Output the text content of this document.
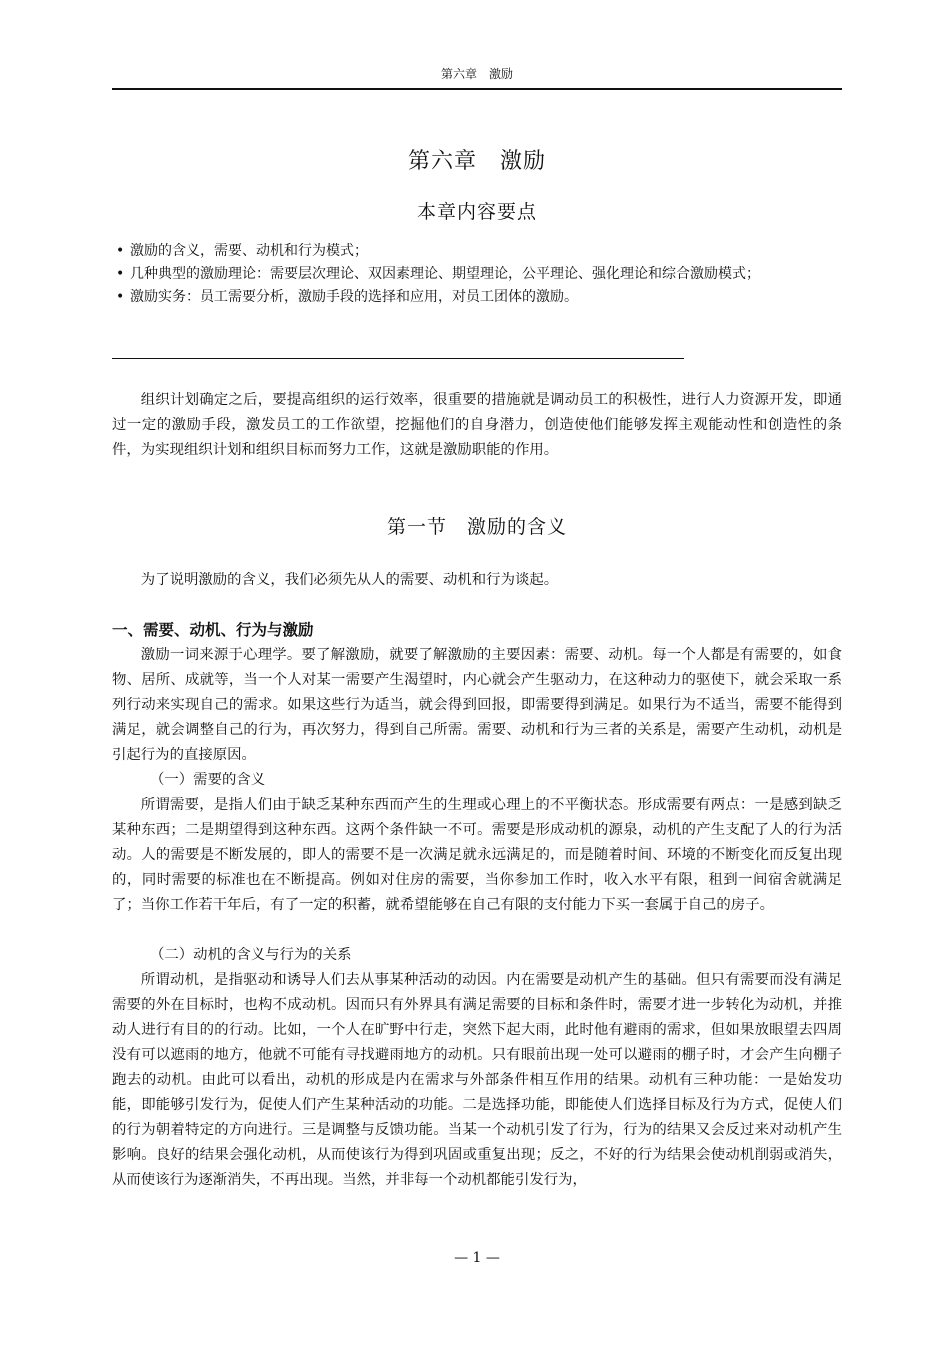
第六章　激励
第六章　激励
本章内容要点
• 激励的含义，需要、动机和行为模式；
• 几种典型的激励理论：需要层次理论、双因素理论、期望理论，公平理论、强化理论和综合激励模式；
• 激励实务：员工需要分析，激励手段的选择和应用，对员工团体的激励。

组织计划确定之后，要提高组织的运行效率，很重要的措施就是调动员工的积极性，进行人力资源开发，即通过一定的激励手段，激发员工的工作欲望，挖掘他们的自身潜力，创造使他们能够发挥主观能动性和创造性的条件，为实现组织计划和组织目标而努力工作，这就是激励职能的作用。

第一节　激励的含义

为了说明激励的含义，我们必须先从人的需要、动机和行为谈起。

一、需要、动机、行为与激励

激励一词来源于心理学。要了解激励，就要了解激励的主要因素：需要、动机。每一个人都是有需要的，如食物、居所、成就等，当一个人对某一需要产生渴望时，内心就会产生驱动力，在这种动力的驱使下，就会采取一系列行动来实现自己的需求。如果这些行为适当，就会得到回报，即需要得到满足。如果行为不适当，需要不能得到满足，就会调整自己的行为，再次努力，得到自己所需。需要、动机和行为三者的关系是，需要产生动机，动机是引起行为的直接原因。

（一）需要的含义

所谓需要，是指人们由于缺乏某种东西而产生的生理或心理上的不平衡状态。形成需要有两点：一是感到缺乏某种东西；二是期望得到这种东西。这两个条件缺一不可。需要是形成动机的源泉，动机的产生支配了人的行为活动。人的需要是不断发展的，即人的需要不是一次满足就永远满足的，而是随着时间、环境的不断变化而反复出现的，同时需要的标准也在不断提高。例如对住房的需要，当你参加工作时，收入水平有限，租到一间宿舍就满足了；当你工作若干年后，有了一定的积蓄，就希望能够在自己有限的支付能力下买一套属于自己的房子。

（二）动机的含义与行为的关系

所谓动机，是指驱动和诱导人们去从事某种活动的动因。内在需要是动机产生的基础。但只有需要而没有满足需要的外在目标时，也构不成动机。因而只有外界具有满足需要的目标和条件时，需要才进一步转化为动机，并推动人进行有目的的行动。比如，一个人在旷野中行走，突然下起大雨，此时他有避雨的需求，但如果放眼望去四周没有可以遮雨的地方，他就不可能有寻找避雨地方的动机。只有眼前出现一处可以避雨的棚子时，才会产生向棚子跑去的动机。由此可以看出，动机的形成是内在需求与外部条件相互作用的结果。动机有三种功能：一是始发功能，即能够引发行为，促使人们产生某种活动的功能。二是选择功能，即能使人们选择目标及行为方式，促使人们的行为朝着特定的方向进行。三是调整与反馈功能。当某一个动机引发了行为，行为的结果又会反过来对动机产生影响。良好的结果会强化动机，从而使该行为得到巩固或重复出现；反之，不好的行为结果会使动机削弱或消失，从而使该行为逐渐消失，不再出现。当然，并非每一个动机都能引发行为，

— 1 —
